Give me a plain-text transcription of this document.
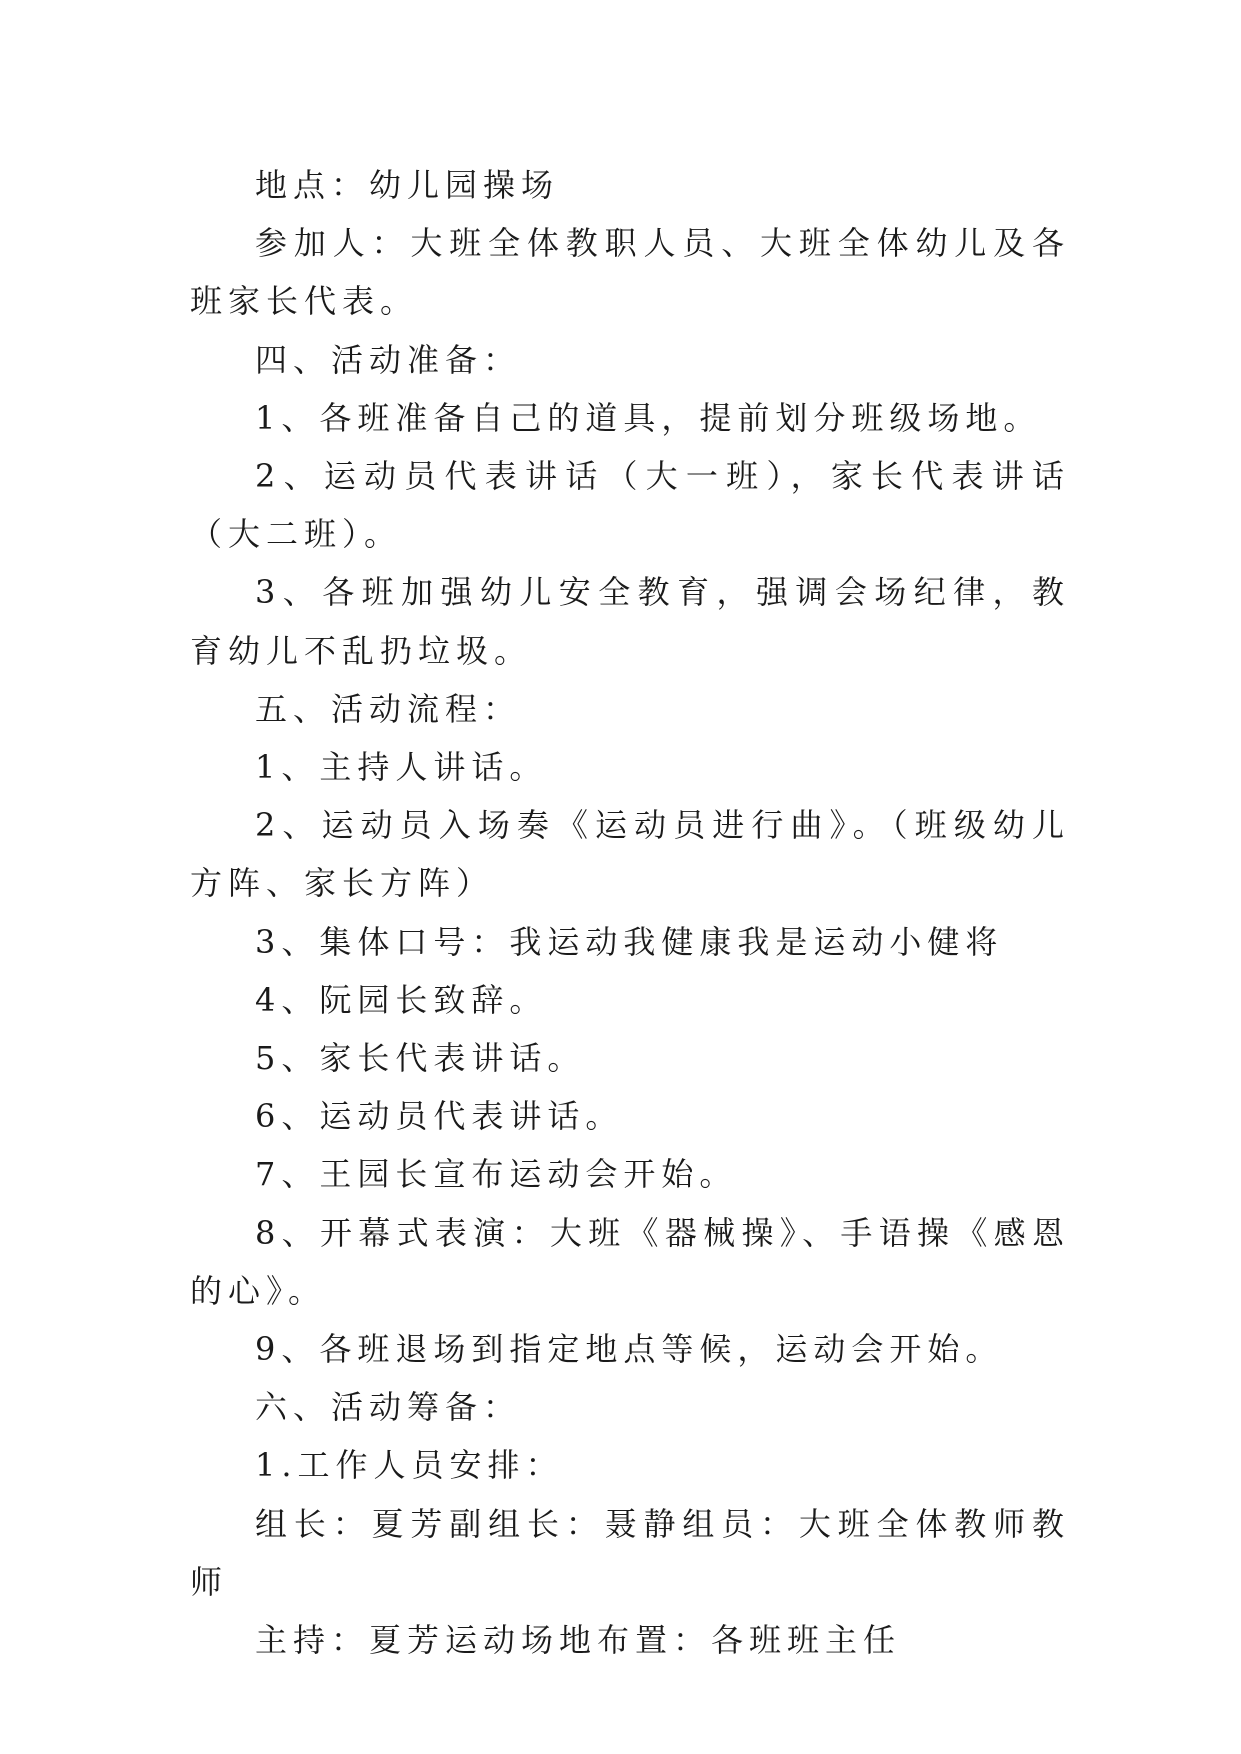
地点：幼儿园操场

参加人：大班全体教职人员、大班全体幼儿及各班家长代表。

四、活动准备：

1、各班准备自己的道具，提前划分班级场地。

2、运动员代表讲话（大一班），家长代表讲话（大二班）。

3、各班加强幼儿安全教育，强调会场纪律，教育幼儿不乱扔垃圾。

五、活动流程：

1、主持人讲话。

2、运动员入场奏《运动员进行曲》。（班级幼儿方阵、家长方阵）

3、集体口号：我运动我健康我是运动小健将

4、阮园长致辞。

5、家长代表讲话。

6、运动员代表讲话。

7、王园长宣布运动会开始。

8、开幕式表演：大班《器械操》、手语操《感恩的心》。

9、各班退场到指定地点等候，运动会开始。

六、活动筹备：

1.工作人员安排：

组长：夏芳副组长：聂静组员：大班全体教师教师

主持：夏芳运动场地布置：各班班主任
